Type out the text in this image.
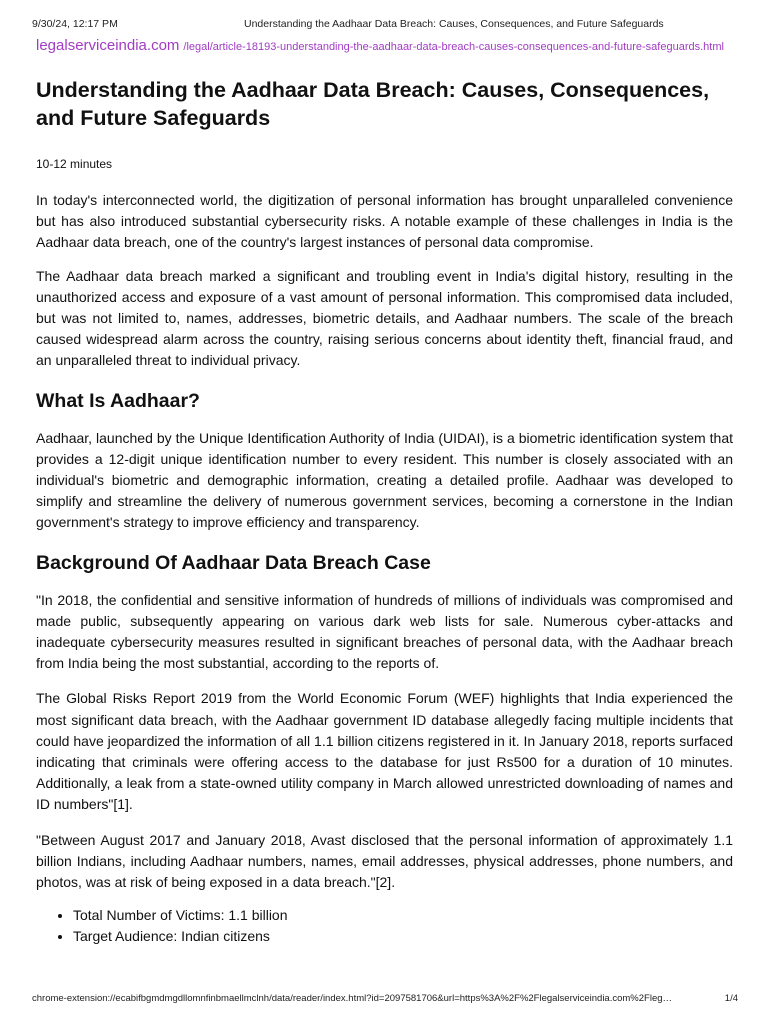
9/30/24, 12:17 PM	Understanding the Aadhaar Data Breach: Causes, Consequences, and Future Safeguards
legalserviceindia.com /legal/article-18193-understanding-the-aadhaar-data-breach-causes-consequences-and-future-safeguards.html
Understanding the Aadhaar Data Breach: Causes, Consequences, and Future Safeguards

10-12 minutes

In today's interconnected world, the digitization of personal information has brought unparalleled convenience but has also introduced substantial cybersecurity risks. A notable example of these challenges in India is the Aadhaar data breach, one of the country's largest instances of personal data compromise.

The Aadhaar data breach marked a significant and troubling event in India's digital history, resulting in the unauthorized access and exposure of a vast amount of personal information. This compromised data included, but was not limited to, names, addresses, biometric details, and Aadhaar numbers. The scale of the breach caused widespread alarm across the country, raising serious concerns about identity theft, financial fraud, and an unparalleled threat to individual privacy.

What Is Aadhaar?

Aadhaar, launched by the Unique Identification Authority of India (UIDAI), is a biometric identification system that provides a 12-digit unique identification number to every resident. This number is closely associated with an individual's biometric and demographic information, creating a detailed profile. Aadhaar was developed to simplify and streamline the delivery of numerous government services, becoming a cornerstone in the Indian government's strategy to improve efficiency and transparency.

Background Of Aadhaar Data Breach Case

"In 2018, the confidential and sensitive information of hundreds of millions of individuals was compromised and made public, subsequently appearing on various dark web lists for sale. Numerous cyber-attacks and inadequate cybersecurity measures resulted in significant breaches of personal data, with the Aadhaar breach from India being the most substantial, according to the reports of.

The Global Risks Report 2019 from the World Economic Forum (WEF) highlights that India experienced the most significant data breach, with the Aadhaar government ID database allegedly facing multiple incidents that could have jeopardized the information of all 1.1 billion citizens registered in it. In January 2018, reports surfaced indicating that criminals were offering access to the database for just Rs500 for a duration of 10 minutes. Additionally, a leak from a state-owned utility company in March allowed unrestricted downloading of names and ID numbers"[1].

"Between August 2017 and January 2018, Avast disclosed that the personal information of approximately 1.1 billion Indians, including Aadhaar numbers, names, email addresses, physical addresses, phone numbers, and photos, was at risk of being exposed in a data breach."[2].

• Total Number of Victims: 1.1 billion
• Target Audience: Indian citizens
chrome-extension://ecabifbgmdmgdllomnfinbmaellmclnh/data/reader/index.html?id=2097581706&url=https%3A%2F%2Flegalserviceindia.com%2Fleg…	1/4
